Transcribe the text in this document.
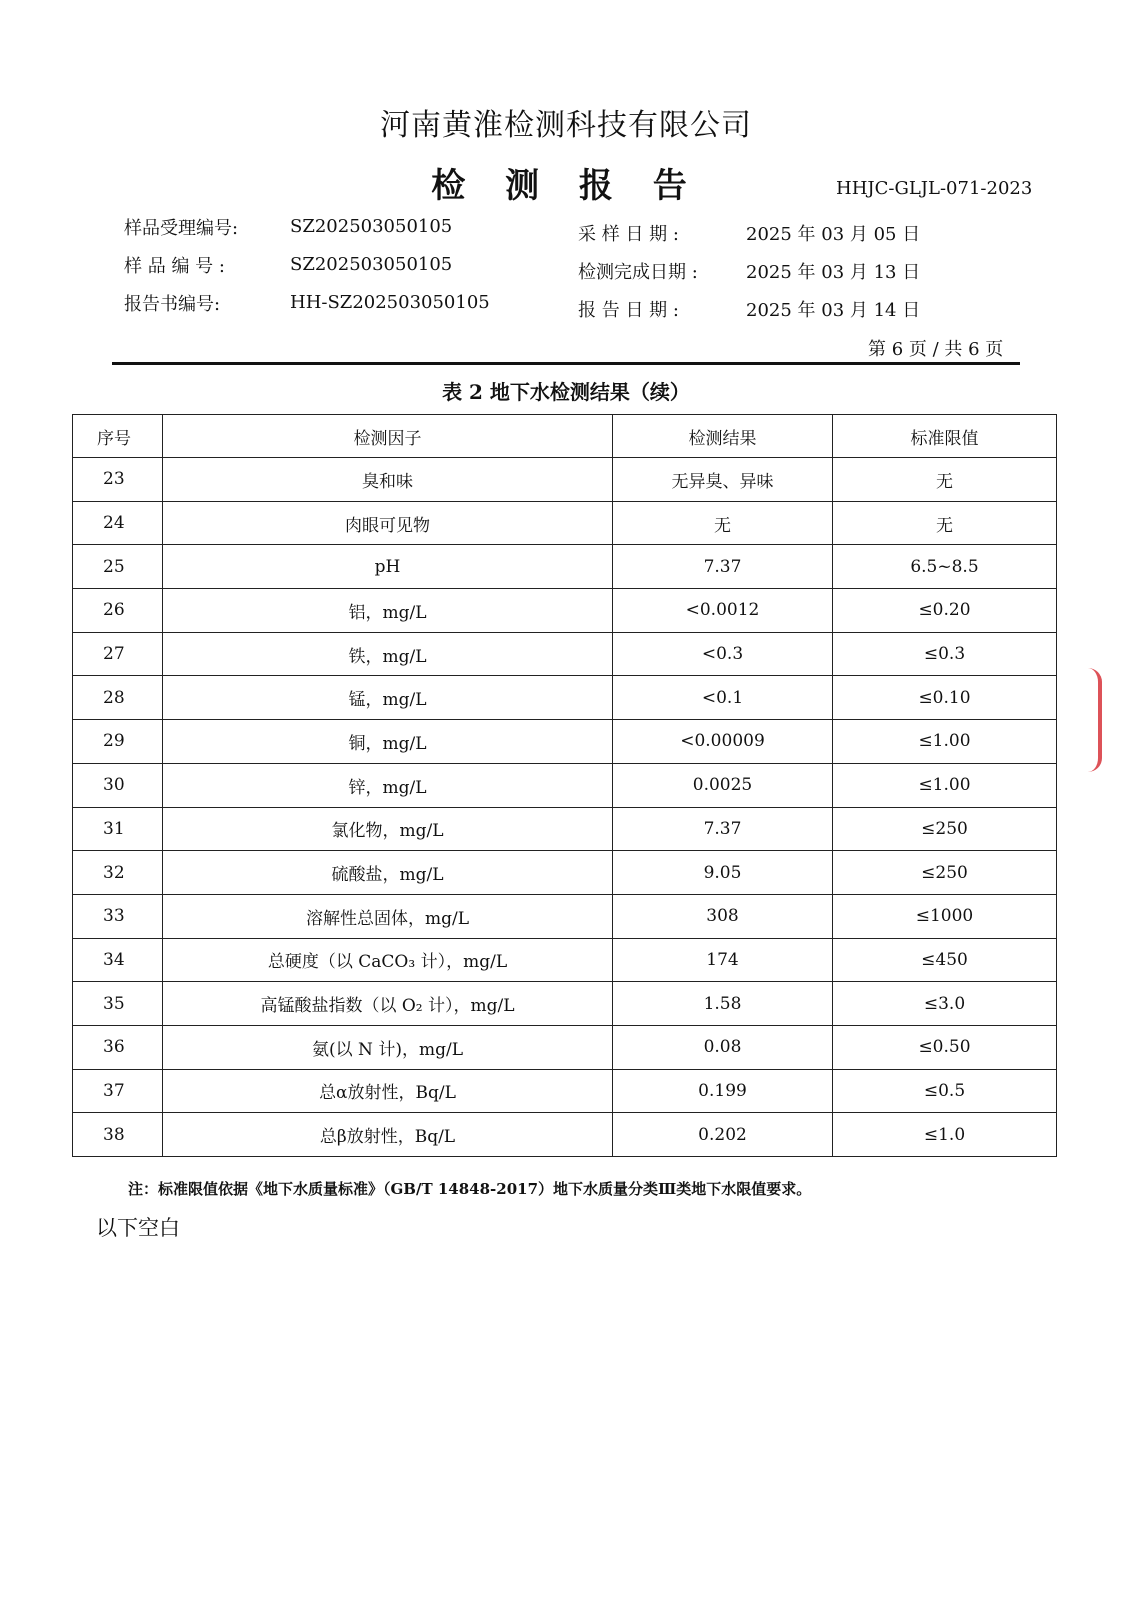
河南黄淮检测科技有限公司
检 测 报 告	HHJC-GLJL-071-2023
样品受理编号:	SZ202503050105
样 品 编 号 :	SZ202503050105
报告书编号:	HH-SZ202503050105
采 样 日 期 :	2025 年 03 月 05 日
检测完成日期 :	2025 年 03 月 13 日
报 告 日 期 :	2025 年 03 月 14 日
第 6 页 / 共 6 页
表 2 地下水检测结果（续）
序号	检测因子	检测结果	标准限值
23	臭和味	无异臭、异味	无
24	肉眼可见物	无	无
25	pH	7.37	6.5~8.5
26	铝，mg/L	<0.0012	≤0.20
27	铁，mg/L	<0.3	≤0.3
28	锰，mg/L	<0.1	≤0.10
29	铜，mg/L	<0.00009	≤1.00
30	锌，mg/L	0.0025	≤1.00
31	氯化物，mg/L	7.37	≤250
32	硫酸盐，mg/L	9.05	≤250
33	溶解性总固体，mg/L	308	≤1000
34	总硬度（以 CaCO₃ 计），mg/L	174	≤450
35	高锰酸盐指数（以 O₂ 计），mg/L	1.58	≤3.0
36	氨(以 N 计)，mg/L	0.08	≤0.50
37	总α放射性，Bq/L	0.199	≤0.5
38	总β放射性，Bq/L	0.202	≤1.0
注：标准限值依据《地下水质量标准》（GB/T 14848-2017）地下水质量分类Ⅲ类地下水限值要求。
以下空白
